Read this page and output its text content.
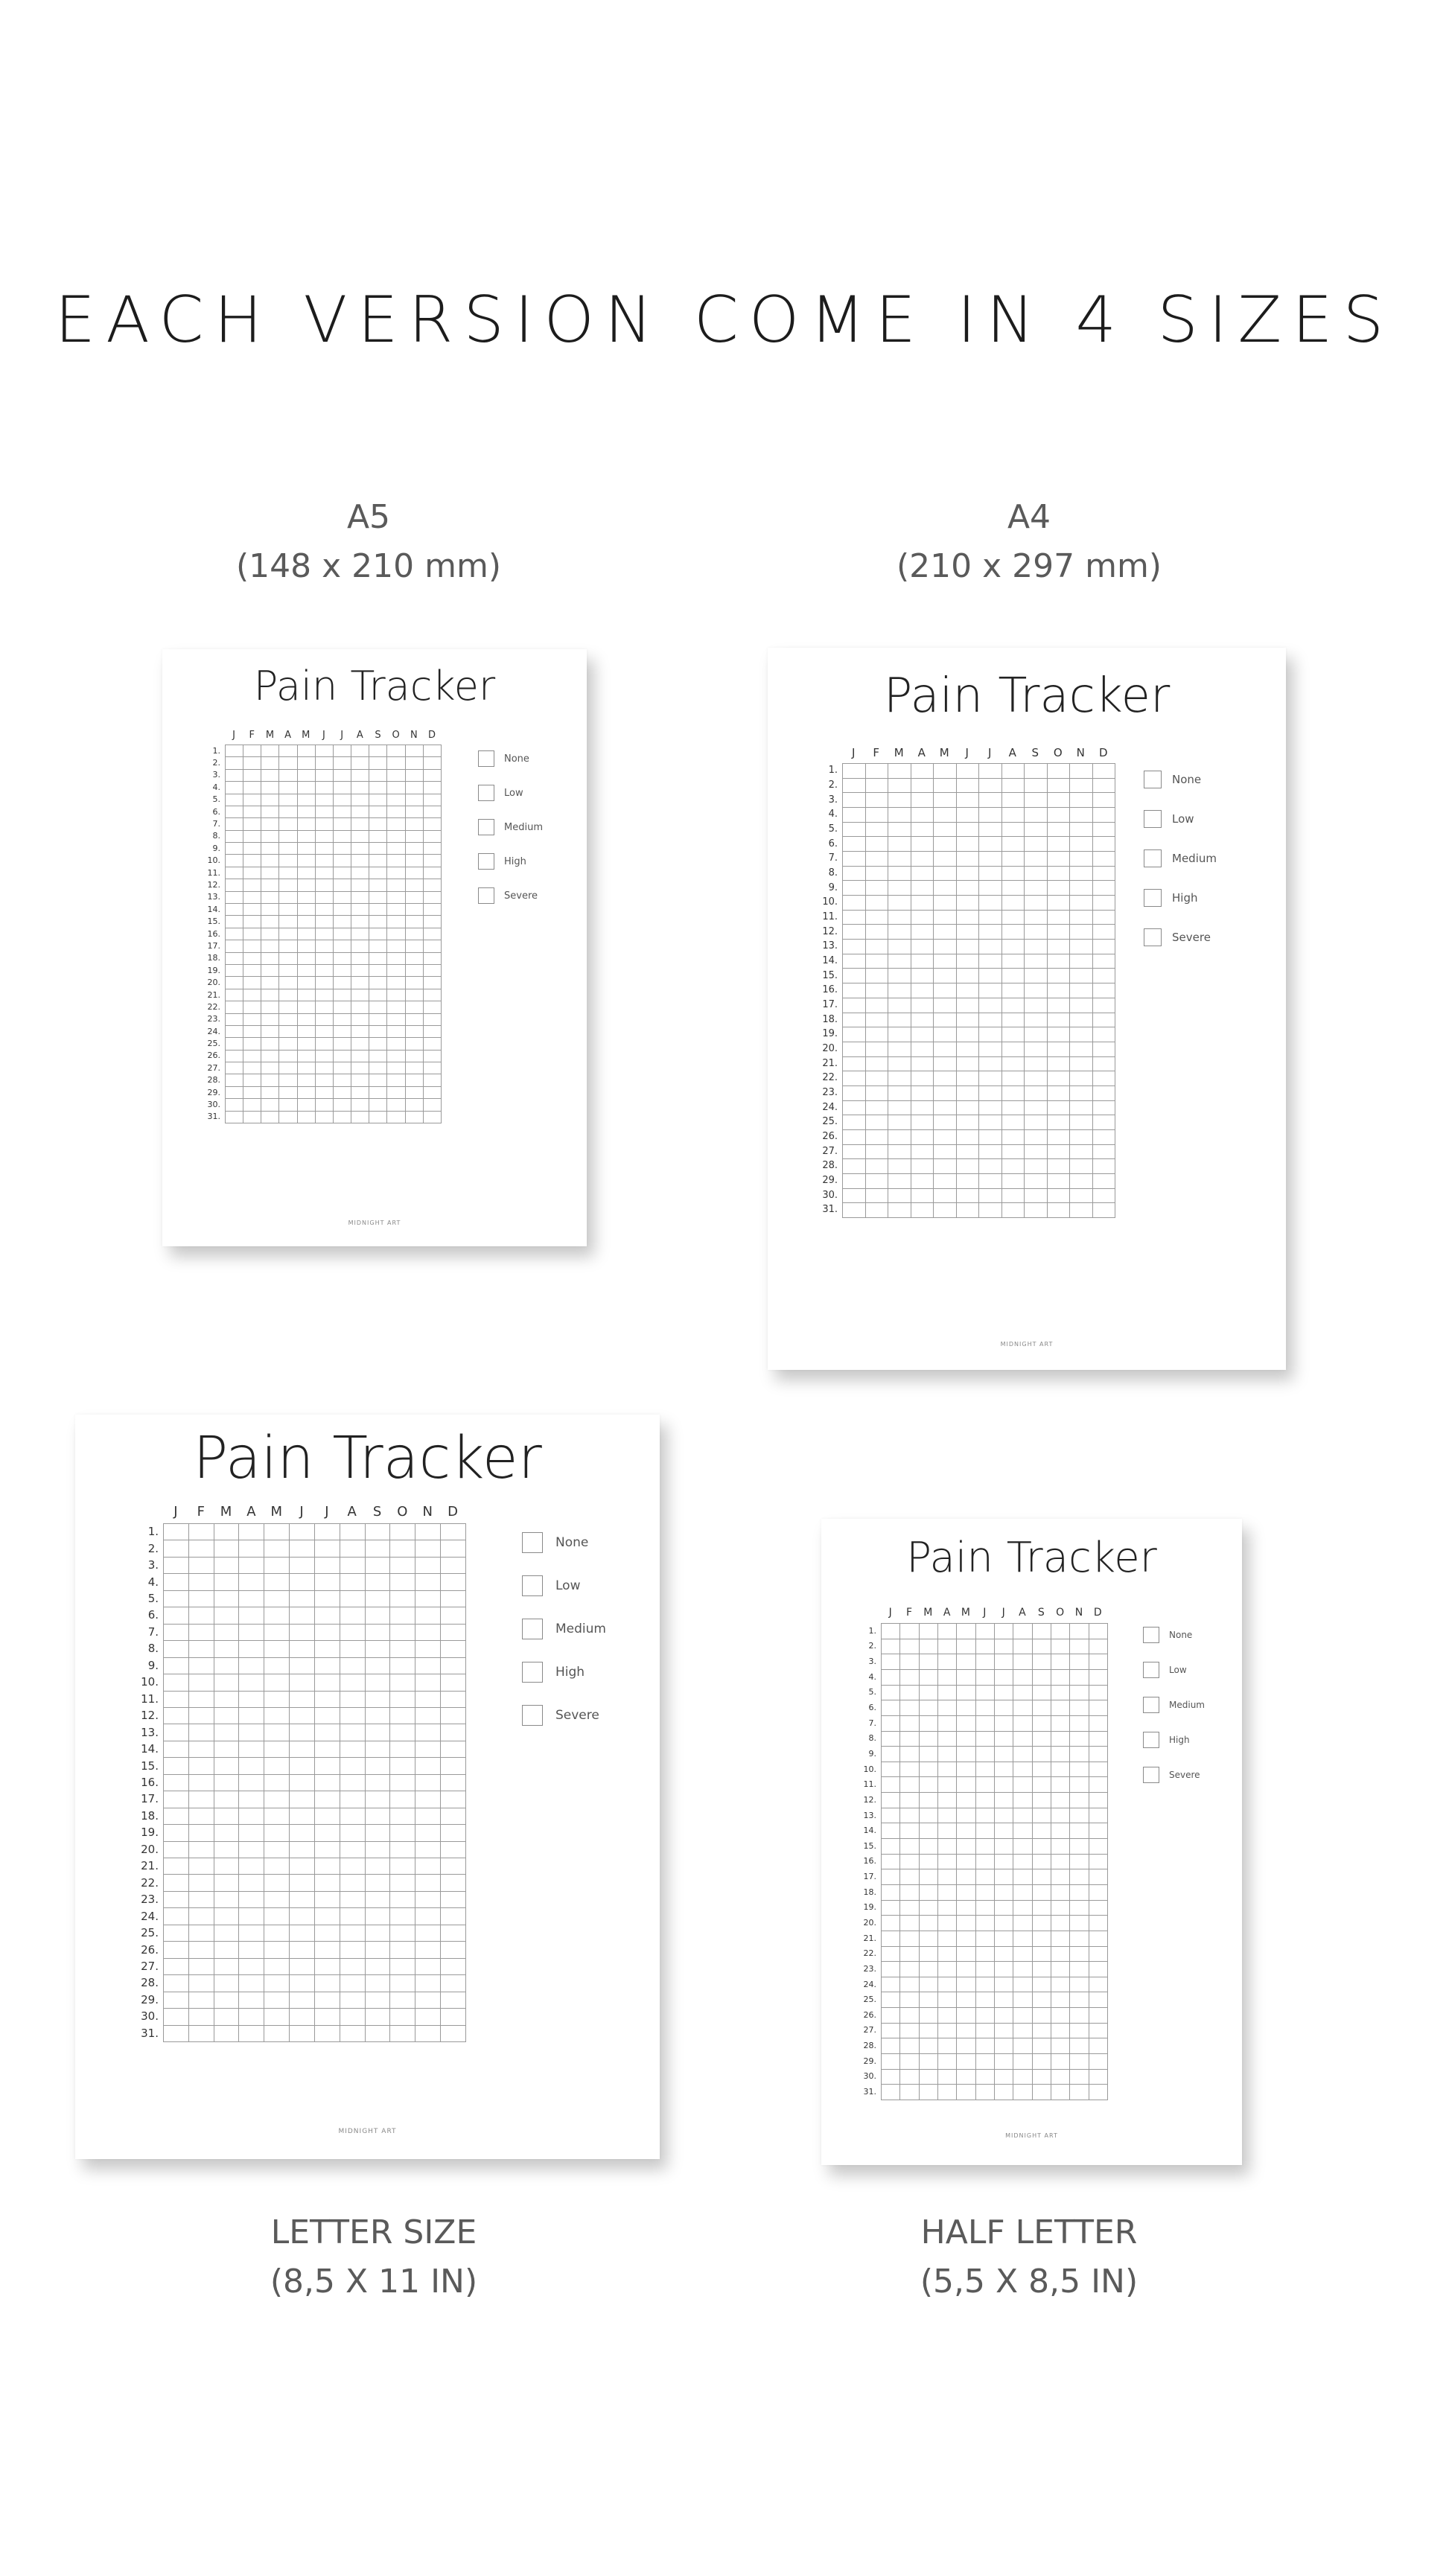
EACH VERSION COME IN 4 SIZES
A5
(148 x 210 mm)
A4
(210 x 297 mm)
LETTER SIZE
(8,5 X 11 IN)
HALF LETTER
(5,5 X 8,5 IN)
Pain Tracker
J	F	M	A	M	J	J	A	S	O	N	D
1.
2.
3.
4.
5.
6.
7.
8.
9.
10.
11.
12.
13.
14.
15.
16.
17.
18.
19.
20.
21.
22.
23.
24.
25.
26.
27.
28.
29.
30.
31.
None
Low
Medium
High
Severe
MIDNIGHT ART
Pain Tracker
J	F	M	A	M	J	J	A	S	O	N	D
1.
2.
3.
4.
5.
6.
7.
8.
9.
10.
11.
12.
13.
14.
15.
16.
17.
18.
19.
20.
21.
22.
23.
24.
25.
26.
27.
28.
29.
30.
31.
None
Low
Medium
High
Severe
MIDNIGHT ART
Pain Tracker
J	F	M	A	M	J	J	A	S	O	N	D
1.
2.
3.
4.
5.
6.
7.
8.
9.
10.
11.
12.
13.
14.
15.
16.
17.
18.
19.
20.
21.
22.
23.
24.
25.
26.
27.
28.
29.
30.
31.
None
Low
Medium
High
Severe
MIDNIGHT ART
Pain Tracker
J	F	M	A	M	J	J	A	S	O	N	D
1.
2.
3.
4.
5.
6.
7.
8.
9.
10.
11.
12.
13.
14.
15.
16.
17.
18.
19.
20.
21.
22.
23.
24.
25.
26.
27.
28.
29.
30.
31.
None
Low
Medium
High
Severe
MIDNIGHT ART
